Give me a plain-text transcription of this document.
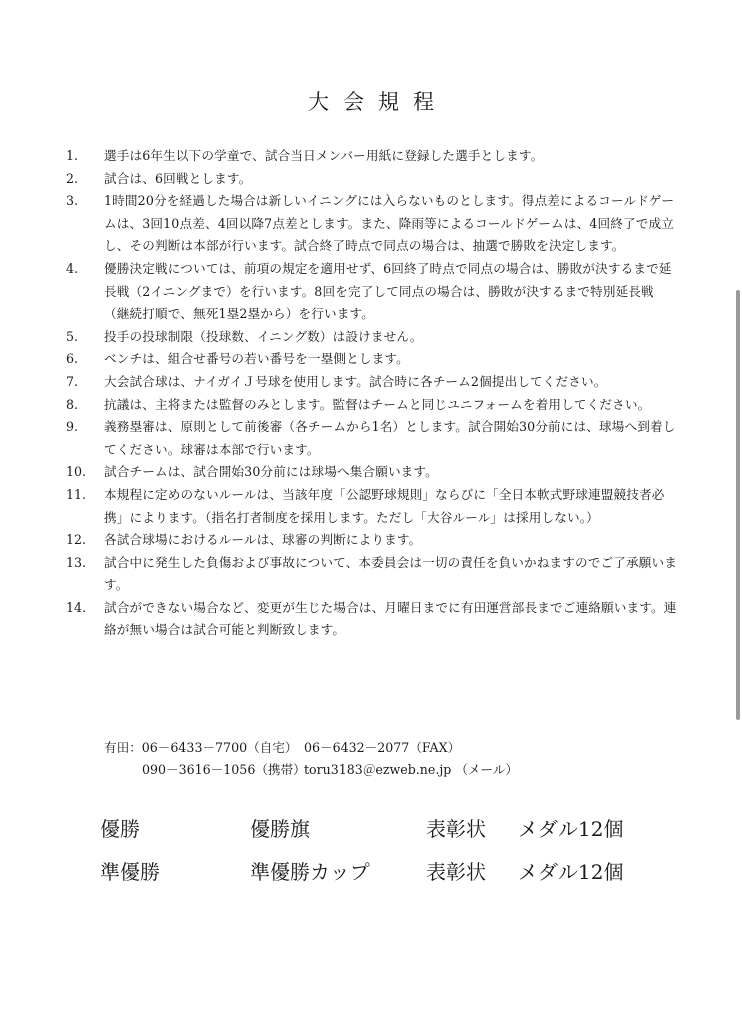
大会規程
1.	選手は6年生以下の学童で、試合当日メンバー用紙に登録した選手とします。
2.	試合は、6回戦とします。
3.	1時間20分を経過した場合は新しいイニングには入らないものとします。得点差によるコールドゲームは、3回10点差、4回以降7点差とします。また、降雨等によるコールドゲームは、4回終了で成立し、その判断は本部が行います。試合終了時点で同点の場合は、抽選で勝敗を決定します。
4.	優勝決定戦については、前項の規定を適用せず、6回終了時点で同点の場合は、勝敗が決するまで延長戦（2イニングまで）を行います。8回を完了して同点の場合は、勝敗が決するまで特別延長戦（継続打順で、無死1塁2塁から）を行います。
5.	投手の投球制限（投球数、イニング数）は設けません。
6.	ベンチは、組合せ番号の若い番号を一塁側とします。
7.	大会試合球は、ナイガイＪ号球を使用します。試合時に各チーム2個提出してください。
8.	抗議は、主将または監督のみとします。監督はチームと同じユニフォームを着用してください。
9.	義務塁審は、原則として前後審（各チームから1名）とします。試合開始30分前には、球場へ到着してください。球審は本部で行います。
10.	試合チームは、試合開始30分前には球場へ集合願います。
11.	本規程に定めのないルールは、当該年度「公認野球規則」ならびに「全日本軟式野球連盟競技者必携」によります。（指名打者制度を採用します。ただし「大谷ルール」は採用しない。）
12.	各試合球場におけるルールは、球審の判断によります。
13.	試合中に発生した負傷および事故について、本委員会は一切の責任を負いかねますのでご了承願います。
14.	試合ができない場合など、変更が生じた場合は、月曜日までに有田運営部長までご連絡願います。連絡が無い場合は試合可能と判断致します。
有田：06－6433－7700（自宅） 06－6432－2077（FAX）
090－3616－1056（携帯）
toru3183＠ezweb.ne.jp （メール）
優勝	優勝旗	表彰状	メダル12個
準優勝	準優勝カップ	表彰状	メダル12個
